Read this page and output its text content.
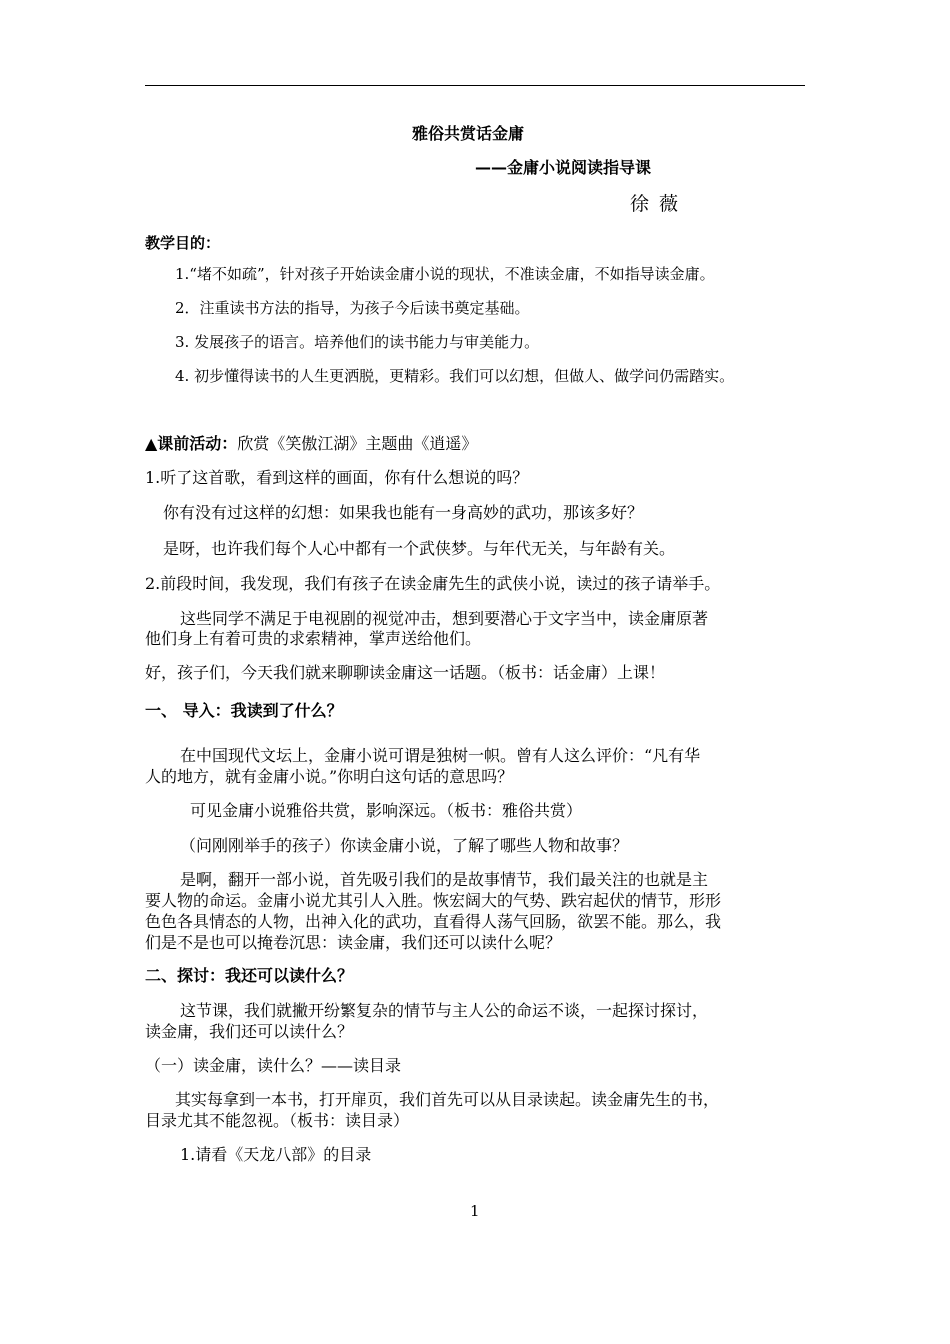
雅俗共赏话金庸
——金庸小说阅读指导课
徐 薇
教学目的：
1.“堵不如疏”，针对孩子开始读金庸小说的现状，不准读金庸，不如指导读金庸。
2．注重读书方法的指导，为孩子今后读书奠定基础。
3. 发展孩子的语言。培养他们的读书能力与审美能力。
4. 初步懂得读书的人生更洒脱，更精彩。我们可以幻想，但做人、做学问仍需踏实。
▲课前活动：欣赏《笑傲江湖》主题曲《逍遥》
1.听了这首歌，看到这样的画面，你有什么想说的吗？
你有没有过这样的幻想：如果我也能有一身高妙的武功，那该多好？
是呀，也许我们每个人心中都有一个武侠梦。与年代无关，与年龄有关。
2.前段时间，我发现，我们有孩子在读金庸先生的武侠小说，读过的孩子请举手。
这些同学不满足于电视剧的视觉冲击，想到要潜心于文字当中，读金庸原著
他们身上有着可贵的求索精神，掌声送给他们。
好，孩子们，今天我们就来聊聊读金庸这一话题。（板书：话金庸）上课！
一、 导入：我读到了什么？
在中国现代文坛上，金庸小说可谓是独树一帜。曾有人这么评价：“凡有华
人的地方，就有金庸小说。”你明白这句话的意思吗？
可见金庸小说雅俗共赏，影响深远。（板书：雅俗共赏）
（问刚刚举手的孩子）你读金庸小说，了解了哪些人物和故事？
是啊，翻开一部小说，首先吸引我们的是故事情节，我们最关注的也就是主
要人物的命运。金庸小说尤其引人入胜。恢宏阔大的气势、跌宕起伏的情节，形形
色色各具情态的人物，出神入化的武功，直看得人荡气回肠，欲罢不能。那么，我
们是不是也可以掩卷沉思：读金庸，我们还可以读什么呢？
二、探讨：我还可以读什么？
这节课，我们就撇开纷繁复杂的情节与主人公的命运不谈，一起探讨探讨，
读金庸，我们还可以读什么？
（一）读金庸，读什么？——读目录
其实每拿到一本书，打开扉页，我们首先可以从目录读起。读金庸先生的书，
目录尤其不能忽视。（板书：读目录）
1.请看《天龙八部》的目录
1
